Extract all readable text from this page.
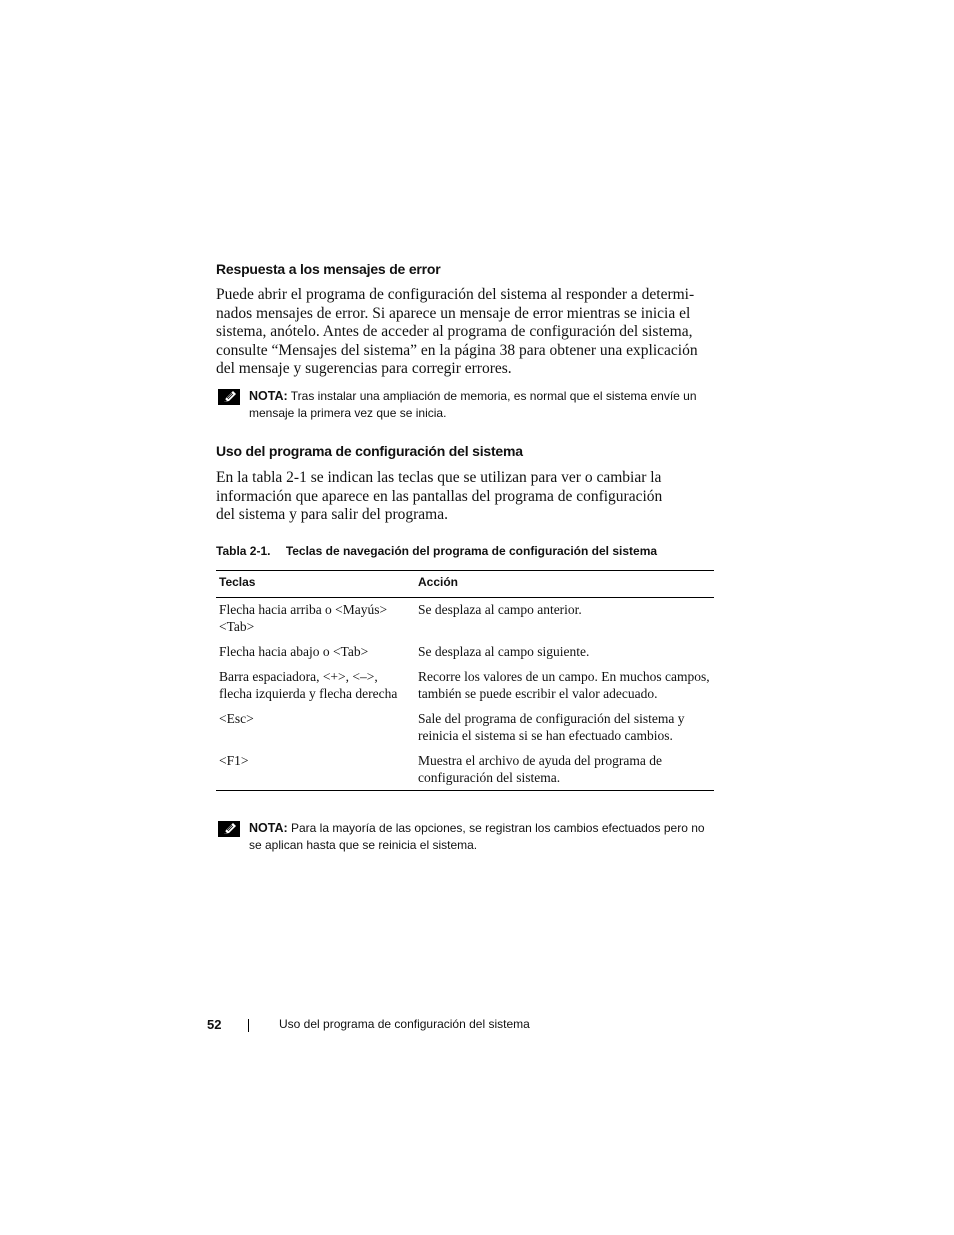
Respuesta a los mensajes de error

Puede abrir el programa de configuración del sistema al responder a determi-
nados mensajes de error. Si aparece un mensaje de error mientras se inicia el
sistema, anótelo. Antes de acceder al programa de configuración del sistema,
consulte “Mensajes del sistema” en la página 38 para obtener una explicación
del mensaje y sugerencias para corregir errores.

NOTA: Tras instalar una ampliación de memoria, es normal que el sistema envíe un mensaje la primera vez que se inicia.
Uso del programa de configuración del sistema

En la tabla 2-1 se indican las teclas que se utilizan para ver o cambiar la
información que aparece en las pantallas del programa de configuración
del sistema y para salir del programa.

Tabla 2-1. Teclas de navegación del programa de configuración del sistema
Teclas	Acción
Flecha hacia arriba o <Mayús><Tab>	Se desplaza al campo anterior.
Flecha hacia abajo o <Tab>	Se desplaza al campo siguiente.
Barra espaciadora, <+>, <–>, flecha izquierda y flecha derecha	Recorre los valores de un campo. En muchos campos, también se puede escribir el valor adecuado.
<Esc>	Sale del programa de configuración del sistema y reinicia el sistema si se han efectuado cambios.
<F1>	Muestra el archivo de ayuda del programa de configuración del sistema.
NOTA: Para la mayoría de las opciones, se registran los cambios efectuados pero no se aplican hasta que se reinicia el sistema.
52	Uso del programa de configuración del sistema
